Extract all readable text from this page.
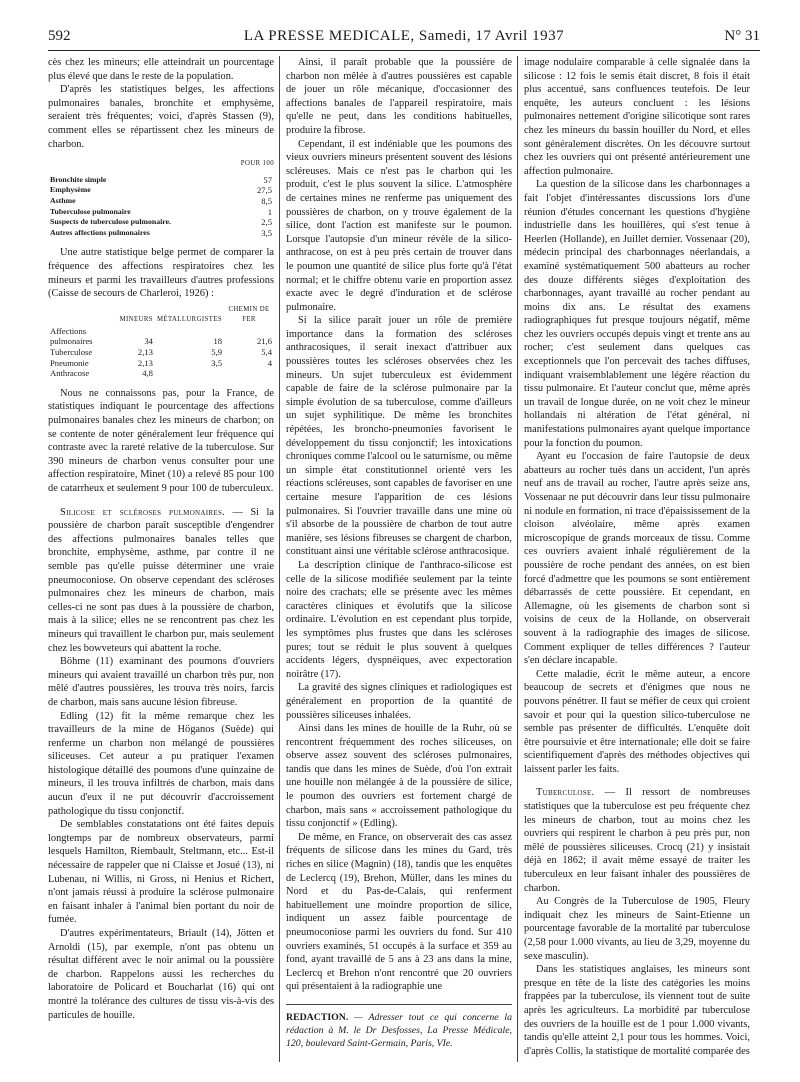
592	LA PRESSE MEDICALE, Samedi, 17 Avril 1937	N° 31

cès chez les mineurs; elle atteindrait un pourcentage plus élevé que dans le reste de la population.

D'après les statistiques belges, les affections pulmonaires banales, bronchite et emphysème, seraient très fréquentes; voici, d'après Stassen (9), comment elles se répartissent chez les mineurs de charbon.

POUR 100
Bronchite simple	57
Emphysème	27,5
Asthme	8,5
Tuberculose pulmonaire	1
Suspects de tuberculose pulmonaire.	2,5
Autres affections pulmonaires	3,5

Une autre statistique belge permet de comparer la fréquence des affections respiratoires chez les mineurs et parmi les travailleurs d'autres professions (Caisse de secours de Charleroi, 1926) :

	MINEURS	MÉTALLURGISTES	CHEMIN DE FER
Affections pulmonaires	34	18	21,6
Tuberculose	2,13	5,9	5,4
Pneumonie	2,13	3,5	4
Anthracose	4,8		

Nous ne connaissons pas, pour la France, de statistiques indiquant le pourcentage des affections pulmonaires banales chez les mineurs de charbon; on se contente de noter généralement leur fréquence qui contraste avec la rareté relative de la tuberculose. Sur 390 mineurs de charbon venus consulter pour une affection respiratoire, Minet (10) a relevé 85 pour 100 de catarrheux et seulement 9 pour 100 de tuberculeux.

Silicose et scléroses pulmonaires. — Si la poussière de charbon paraît susceptible d'engendrer des affections pulmonaires banales telles que bronchite, emphysème, asthme, par contre il ne semble pas qu'elle puisse déterminer une vraie pneumoconiose. On observe cependant des scléroses pulmonaires chez les mineurs de charbon, mais celles-ci ne sont pas dues à la poussière de charbon, mais à la silice; elles ne se rencontrent pas chez les mineurs qui travaillent le charbon pur, mais seulement chez les bowveteurs qui abattent la roche.

Böhme (11) examinant des poumons d'ouvriers mineurs qui avaient travaillé un charbon très pur, non mêlé d'autres poussières, les trouva très noirs, farcis de charbon, mais sans aucune lésion fibreuse.

Edling (12) fit la même remarque chez les travailleurs de la mine de Höganos (Suède) qui renferme un charbon non mélangé de poussières siliceuses. Cet auteur a pu pratiquer l'examen histologique détaillé des poumons d'une quinzaine de mineurs, il les trouva infiltrés de charbon, mais dans aucun d'eux il ne put découvrir d'accroissement pathologique du tissu conjonctif.

De semblables constatations ont été faites depuis longtemps par de nombreux observateurs, parmi lesquels Hamilton, Riembault, Steltmann, etc... Est-il nécessaire de rappeler que ni Claisse et Josué (13), ni Lubenau, ni Willis, ni Gross, ni Henius et Richert, n'ont jamais réussi à produire la sclérose pulmonaire en faisant inhaler à l'animal bien portant du noir de fumée.

D'autres expérimentateurs, Briault (14), Jötten et Arnoldi (15), par exemple, n'ont pas obtenu un résultat différent avec le noir animal ou la poussière de charbon. Rappelons aussi les recherches du laboratoire de Policard et Boucharlat (16) qui ont montré la tolérance des cultures de tissu vis-à-vis des particules de houille.

Ainsi, il paraît probable que la poussière de charbon non mêlée à d'autres poussières est capable de jouer un rôle mécanique, d'occasionner des affections banales de l'appareil respiratoire, mais qu'elle ne peut, dans les conditions habituelles, produire la fibrose.

Cependant, il est indéniable que les poumons des vieux ouvriers mineurs présentent souvent des lésions scléreuses. Mais ce n'est pas le charbon qui les produit, c'est le plus souvent la silice. L'atmosphère de certaines mines ne renferme pas uniquement des poussières de charbon, on y trouve également de la silice, dont l'action est manifeste sur le poumon. Lorsque l'autopsie d'un mineur révèle de la silico-anthracose, on est à peu près certain de trouver dans le poumon une quantité de silice plus forte qu'à l'état normal; et le chiffre obtenu varie en proportion assez exacte avec le degré d'induration et de sclérose pulmonaire.

Si la silice paraît jouer un rôle de première importance dans la formation des scléroses anthracosiques, il serait inexact d'attribuer aux poussières toutes les scléroses observées chez les mineurs. Un sujet tuberculeux est évidemment capable de faire de la sclérose pulmonaire par la simple évolution de sa tuberculose, comme d'ailleurs un sujet syphilitique. De même les bronchites répétées, les broncho-pneumonies favorisent le développement du tissu conjonctif; les intoxications chroniques comme l'alcool ou le saturnisme, ou même un simple état constitutionnel orienté vers les réactions scléreuses, sont capables de favoriser en une certaine mesure l'apparition de ces lésions pulmonaires. Si l'ouvrier travaille dans une mine où s'il absorbe de la poussière de charbon de tout autre manière, ses lésions fibreuses se chargent de charbon, constituant ainsi une véritable sclérose anthracosique.

La description clinique de l'anthraco-silicose est celle de la silicose modifiée seulement par la teinte noire des crachats; elle se présente avec les mêmes caractères cliniques et évolutifs que la silicose ordinaire. L'évolution en est cependant plus torpide, les symptômes plus frustes que dans les scléroses pures; tout se réduit le plus souvent à quelques accidents légers, dyspnéiques, avec expectoration noirâtre (17).

La gravité des signes cliniques et radiologiques est généralement en proportion de la quantité de poussières siliceuses inhalées.

Ainsi dans les mines de houille de la Ruhr, où se rencontrent fréquemment des roches siliceuses, on observe assez souvent des scléroses pulmonaires, tandis que dans les mines de Suède, d'où l'on extrait une houille non mélangée à de la poussière de silice, le poumon des ouvriers est fortement chargé de charbon, mais sans « accroissement pathologique du tissu conjonctif » (Edling).

De même, en France, on observerait des cas assez fréquents de silicose dans les mines du Gard, très riches en silice (Magnin) (18), tandis que les enquêtes de Leclercq (19), Brehon, Müller, dans les mines du Nord et du Pas-de-Calais, qui renferment habituellement une moindre proportion de silice, indiquent un assez faible pourcentage de pneumoconiose parmi les ouvriers du fond. Sur 410 ouvriers examinés, 51 occupés à la surface et 359 au fond, ayant travaillé de 5 ans à 23 ans dans la mine, Leclercq et Brehon n'ont rencontré que 20 ouvriers qui présentaient à la radiographie une

REDACTION. — Adresser tout ce qui concerne la rédaction à M. le Dr Desfosses, La Presse Médicale, 120, boulevard Saint-Germain, Paris, VIe.

image nodulaire comparable à celle signalée dans la silicose : 12 fois le semis était discret, 8 fois il était plus accentué, sans confluences teutefois. De leur enquête, les auteurs concluent : les lésions pulmonaires nettement d'origine silicotique sont rares chez les mineurs du bassin houiller du Nord, et elles sont généralement discrètes. On les découvre surtout chez les ouvriers qui ont présenté antérieurement une affection pulmonaire.

La question de la silicose dans les charbonnages a fait l'objet d'intéressantes discussions lors d'une réunion d'études concernant les questions d'hygiène industrielle dans les houillères, qui s'est tenue à Heerlen (Hollande), en Juillet dernier. Vossenaar (20), médecin principal des charbonnages néerlandais, a examiné systématiquement 500 abatteurs au rocher des douze différents sièges d'exploitation des charbonnages, ayant travaillé au rocher pendant au moins dix ans. Le résultat des examens radiographiques fut presque toujours négatif, même chez les ouvriers occupés depuis vingt et trente ans au rocher; c'est seulement dans quelques cas exceptionnels que l'on percevait des taches diffuses, indiquant vraisemblablement une légère réaction du tissu pulmonaire. Et l'auteur conclut que, même après un travail de longue durée, on ne voit chez le mineur hollandais ni altération de l'état général, ni manifestations pulmonaires ayant quelque importance pour la fonction du poumon.

Ayant eu l'occasion de faire l'autopsie de deux abatteurs au rocher tués dans un accident, l'un après neuf ans de travail au rocher, l'autre après seize ans, Vossenaar ne put découvrir dans leur tissu pulmonaire ni nodule en formation, ni trace d'épaississement de la cloison alvéolaire, même après examen microscopique de grands morceaux de tissu. Comme ces ouvriers avaient inhalé régulièrement de la poussière de roche pendant des années, on est bien forcé d'admettre que les poumons se sont entièrement débarrassés de cette poussière. Et cependant, en Allemagne, où les gisements de charbon sont si voisins de ceux de la Hollande, on observerait souvent à la radiographie des images de silicose. Comment expliquer de telles différences ? l'auteur s'en déclare incapable.

Cette maladie, écrit le même auteur, a encore beaucoup de secrets et d'énigmes que nous ne pouvons pénétrer. Il faut se méfier de ceux qui croient savoir et pour qui la question silico-tuberculose ne semble pas présenter de difficultés. L'enquête doit être poursuivie et être internationale; elle doit se faire scientifiquement d'après des méthodes objectives qui laissent parler les faits.

Tuberculose. — Il ressort de nombreuses statistiques que la tuberculose est peu fréquente chez les mineurs de charbon, tout au moins chez les ouvriers qui respirent le charbon à peu près pur, non mêlé de poussières siliceuses. Crocq (21) y insistait déjà en 1862; il avait même essayé de traiter les tuberculeux en leur faisant inhaler des poussières de charbon.

Au Congrès de la Tuberculose de 1905, Fleury indiquait chez les mineurs de Saint-Etienne un pourcentage favorable de la mortalité par tuberculose (2,58 pour 1.000 vivants, au lieu de 3,29, moyenne du sexe masculin).

Dans les statistiques anglaises, les mineurs sont presque en tête de la liste des catégories les moins frappées par la tuberculose, ils viennent tout de suite après les agriculteurs. La morbidité par tuberculose des ouvriers de la houille est de 1 pour 1.000 vivants, tandis qu'elle atteint 2,1 pour tous les hommes. Voici, d'après Collis, la statistique de mortalité comparée des
